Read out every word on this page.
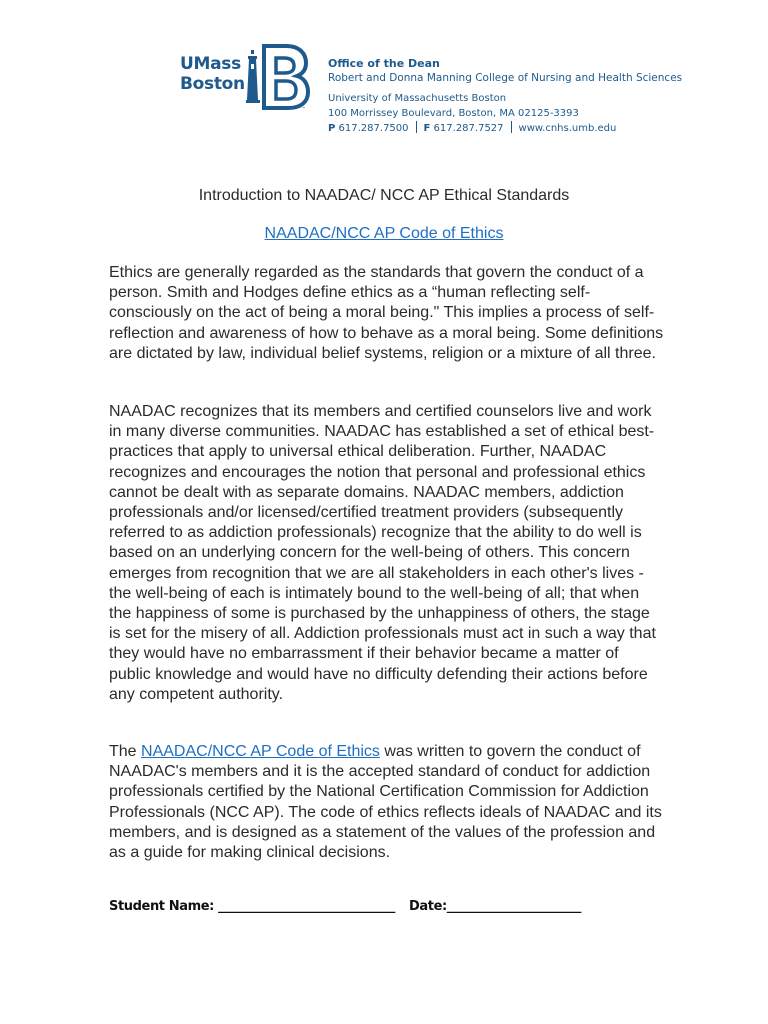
UMass
Boston
™
Office of the Dean
Robert and Donna Manning College of Nursing and Health Sciences
University of Massachusetts Boston
100 Morrissey Boulevard, Boston, MA 02125-3393
P 617.287.7500 F 617.287.7527 www.cnhs.umb.edu
Introduction to NAADAC/ NCC AP Ethical Standards
NAADAC/NCC AP Code of Ethics

Ethics are generally regarded as the standards that govern the conduct of a person. Smith and Hodges define ethics as a “human reflecting self-consciously on the act of being a moral being." This implies a process of self-reflection and awareness of how to behave as a moral being. Some definitions are dictated by law, individual belief systems, religion or a mixture of all three.

NAADAC recognizes that its members and certified counselors live and work in many diverse communities. NAADAC has established a set of ethical best-practices that apply to universal ethical deliberation. Further, NAADAC recognizes and encourages the notion that personal and professional ethics cannot be dealt with as separate domains. NAADAC members, addiction professionals and/or licensed/certified treatment providers (subsequently referred to as addiction professionals) recognize that the ability to do well is based on an underlying concern for the well-being of others. This concern emerges from recognition that we are all stakeholders in each other's lives - the well-being of each is intimately bound to the well-being of all; that when the happiness of some is purchased by the unhappiness of others, the stage is set for the misery of all. Addiction professionals must act in such a way that they would have no embarrassment if their behavior became a matter of public knowledge and would have no difficulty defending their actions before any competent authority.

The NAADAC/NCC AP Code of Ethics was written to govern the conduct of NAADAC's members and it is the accepted standard of conduct for addiction professionals certified by the National Certification Commission for Addiction Professionals (NCC AP). The code of ethics reflects ideals of NAADAC and its members, and is designed as a statement of the values of the profession and as a guide for making clinical decisions.

Student Name: _____________________________ Date:______________________
